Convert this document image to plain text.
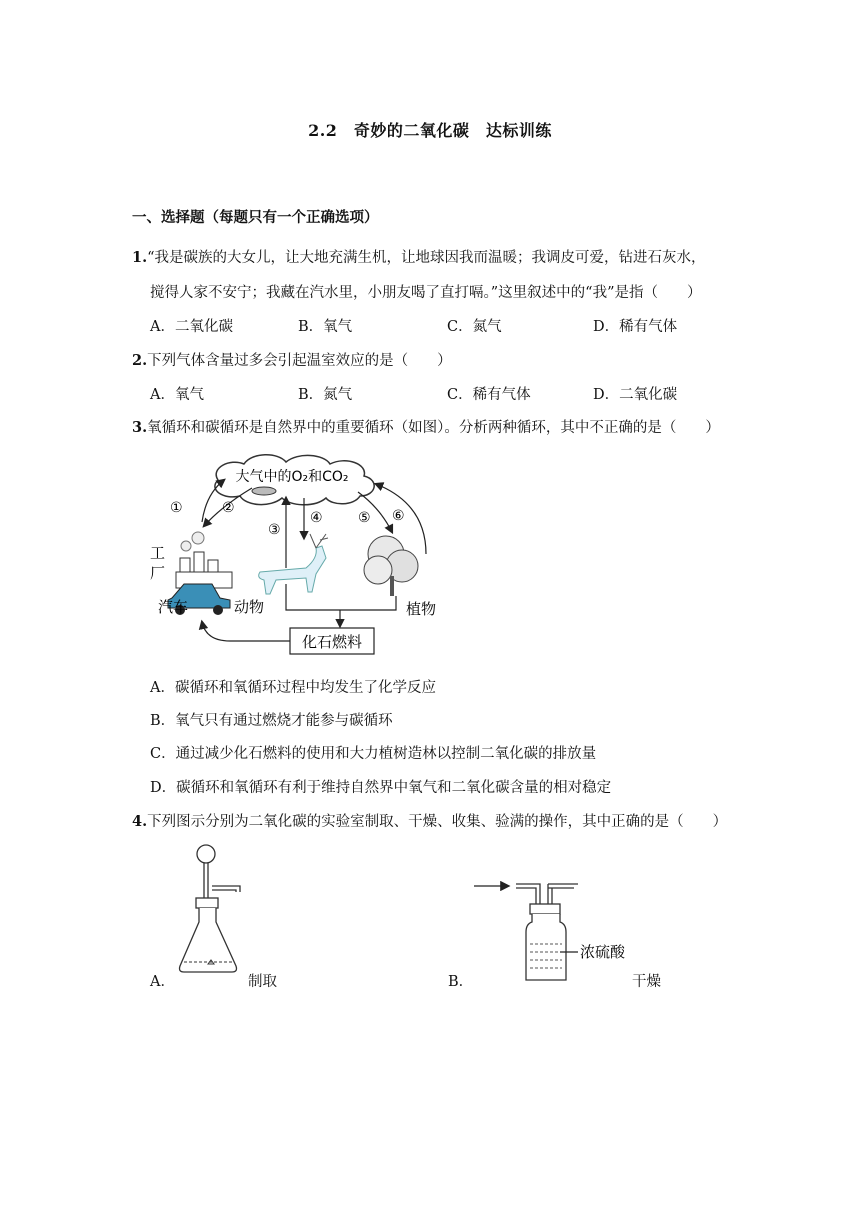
2.2　奇妙的二氧化碳　达标训练
一、选择题（每题只有一个正确选项）
1.“我是碳族的大女儿，让大地充满生机，让地球因我而温暖；我调皮可爱，钻进石灰水，
搅得人家不安宁；我藏在汽水里，小朋友喝了直打嗝。”这里叙述中的“我”是指（　　）
A．二氧化碳	B．氧气	C．氮气	D．稀有气体
2.下列气体含量过多会引起温室效应的是（　　）
A．氧气	B．氮气	C．稀有气体	D．二氧化碳
3.氧循环和碳循环是自然界中的重要循环（如图）。分析两种循环，其中不正确的是（　　）
大气中的O₂和CO₂
①	②
③
④	⑤ ⑥
工
厂
汽车	动物	植物
化石燃料
A．碳循环和氧循环过程中均发生了化学反应
B．氧气只有通过燃烧才能参与碳循环
C．通过减少化石燃料的使用和大力植树造林以控制二氧化碳的排放量
D．碳循环和氧循环有利于维持自然界中氧气和二氧化碳含量的相对稳定
4.下列图示分别为二氧化碳的实验室制取、干燥、收集、验满的操作，其中正确的是（　　）
A．	制取
浓硫酸
B．	干燥
